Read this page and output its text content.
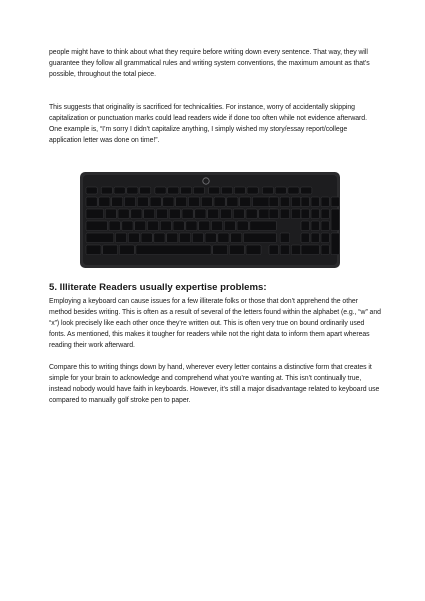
people might have to think about what they require before writing down every sentence. That way, they will guarantee they follow all grammatical rules and writing system conventions, the maximum amount as that’s possible, throughout the total piece.

This suggests that originality is sacrificed for technicalities. For instance, worry of accidentally skipping capitalization or punctuation marks could lead readers wide if done too often while not evidence afterward. One example is, “I’m sorry I didn’t capitalize anything, I simply wished my story/essay report/college application letter was done on time!”.

5. Illiterate Readers usually expertise problems:

Employing a keyboard can cause issues for a few illiterate folks or those that don’t apprehend the other method besides writing. This is often as a result of several of the letters found within the alphabet (e.g., “w” and “x”) look precisely like each other once they’re written out. This is often very true on bound ordinarily used fonts. As mentioned, this makes it tougher for readers while not the right data to inform them apart whereas reading their work afterward.

Compare this to writing things down by hand, wherever every letter contains a distinctive form that creates it simple for your brain to acknowledge and comprehend what you’re wanting at. This isn’t continually true, instead nobody would have faith in keyboards. However, it’s still a major disadvantage related to keyboard use compared to manually golf stroke pen to paper.
